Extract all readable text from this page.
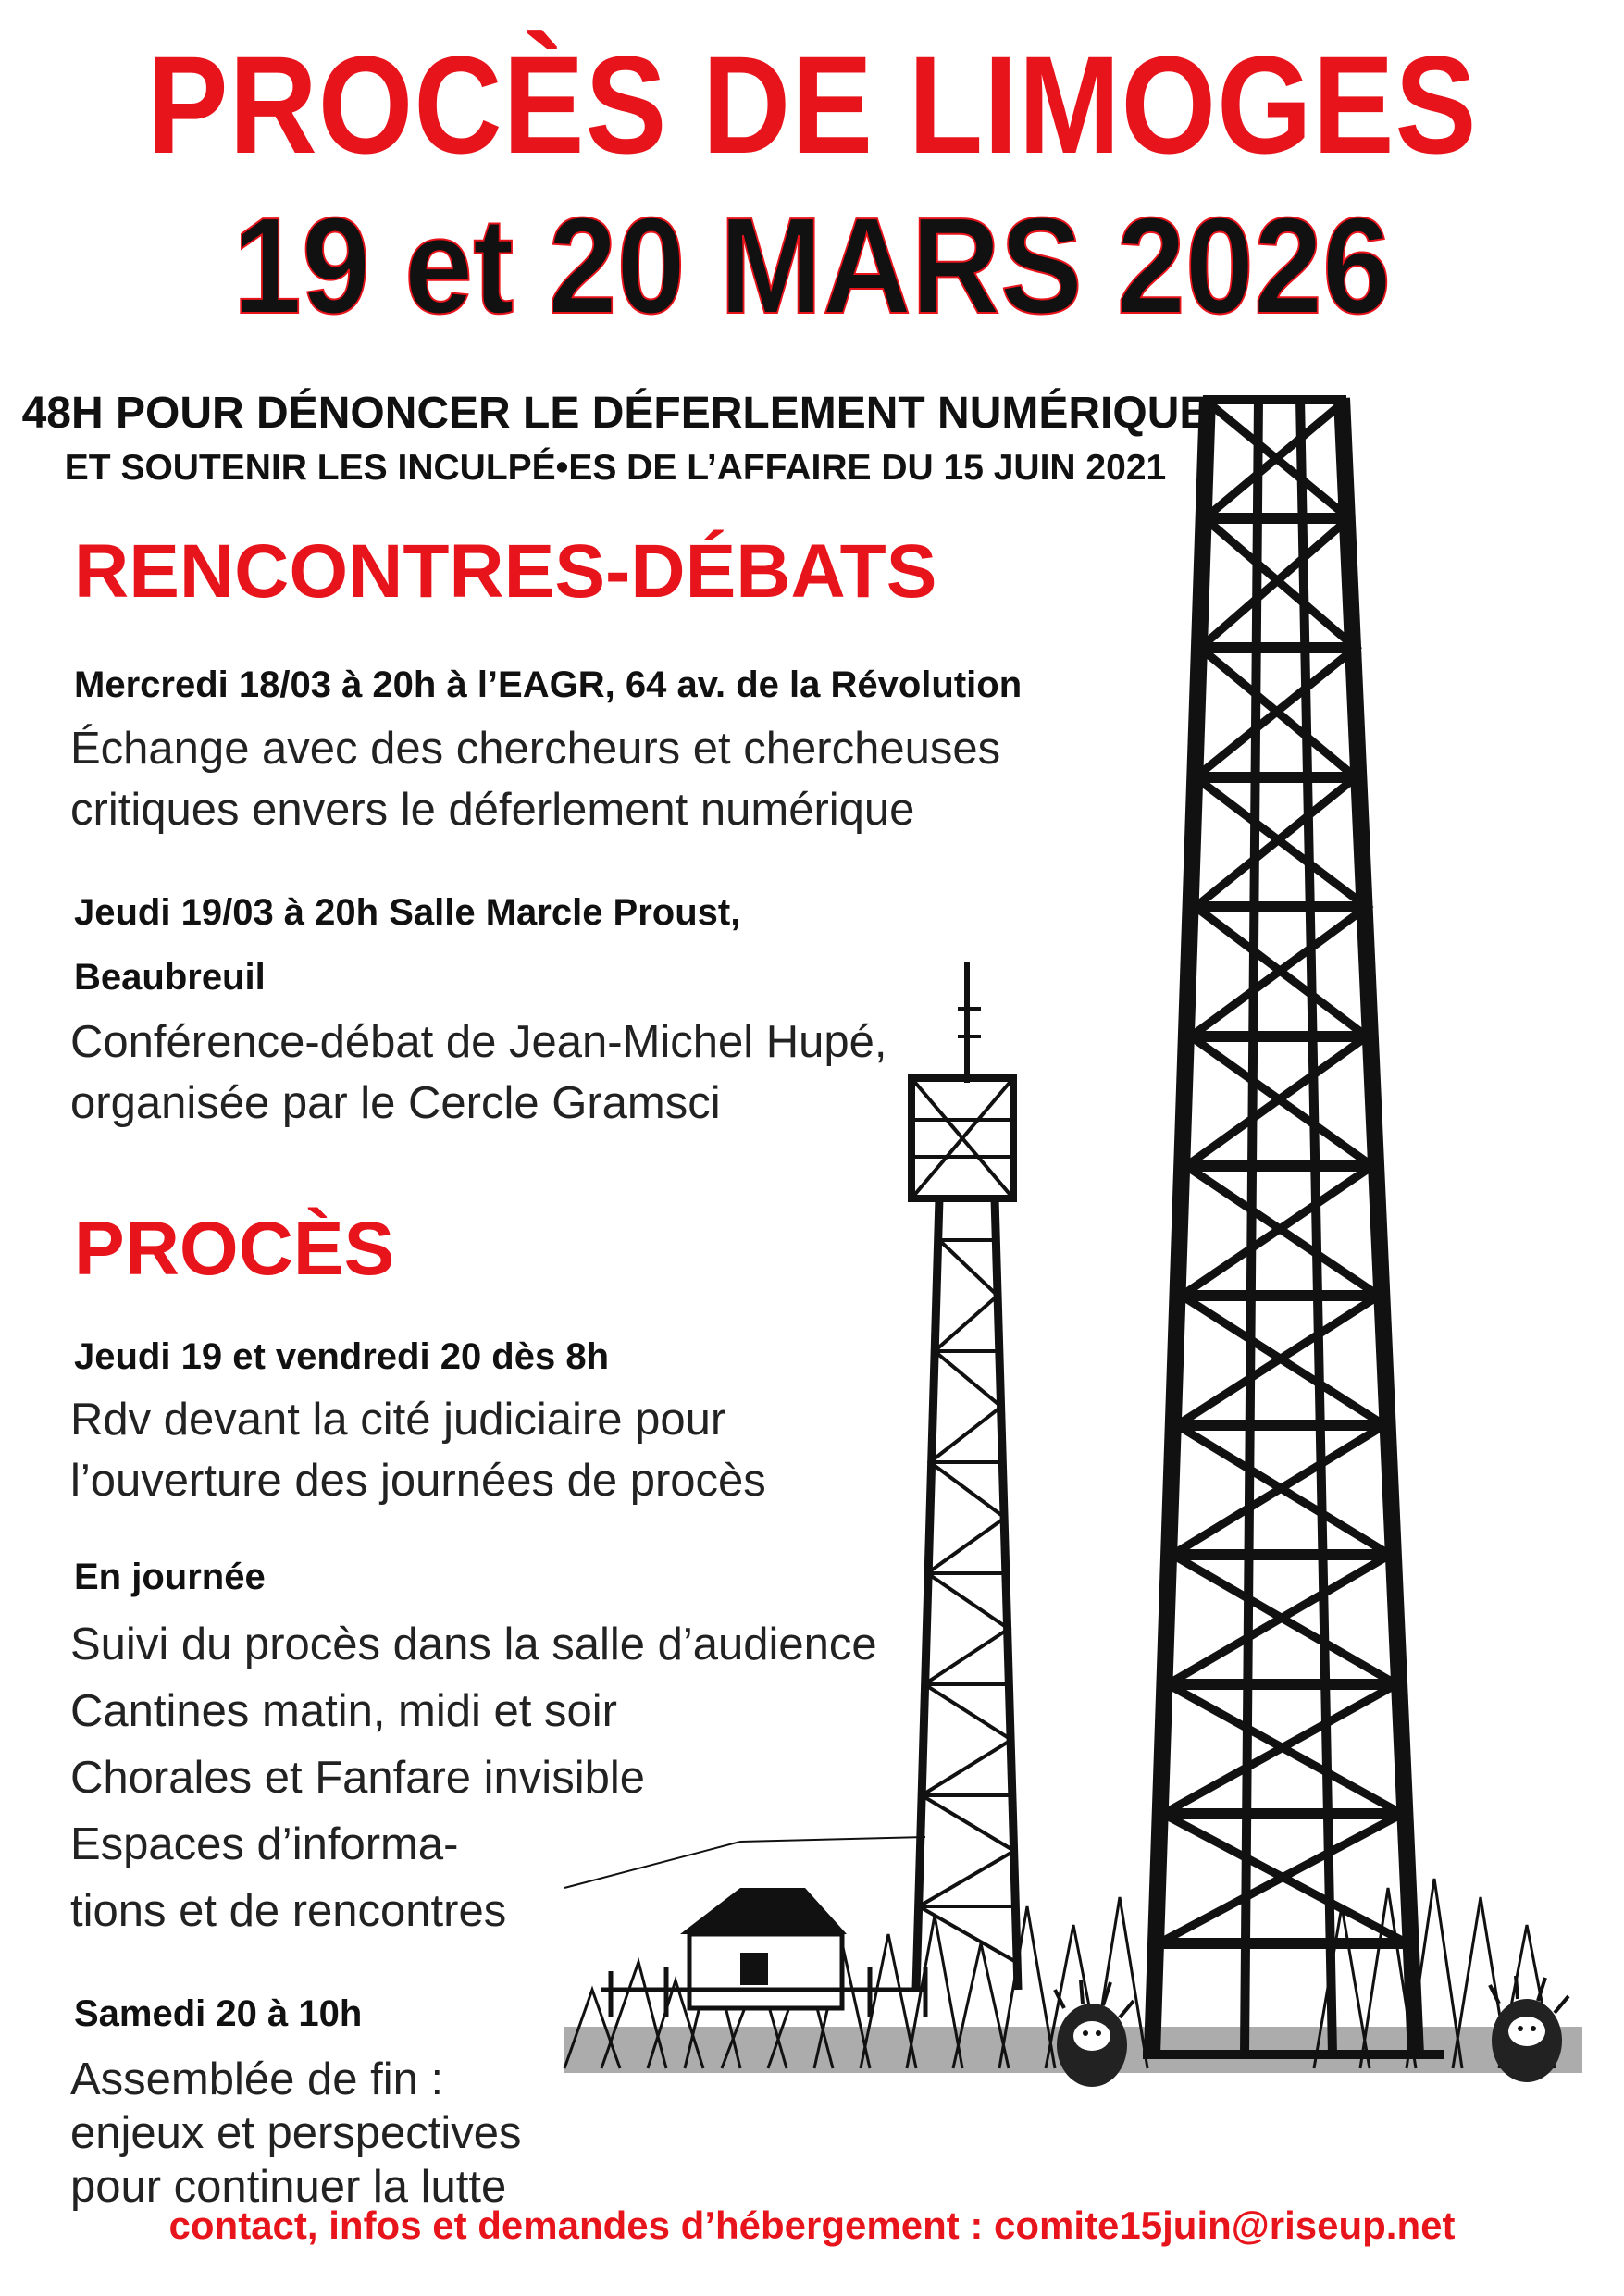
PROCÈS DE LIMOGES
19 et 20 MARS 2026
48H POUR DÉNONCER LE DÉFERLEMENT NUMÉRIQUE
ET SOUTENIR LES INCULPÉ•ES DE L’AFFAIRE DU 15 JUIN 2021
RENCONTRES-DÉBATS
Mercredi 18/03 à 20h à l’EAGR, 64 av. de la Révolution
Échange avec des chercheurs et chercheuses
critiques envers le déferlement numérique
Jeudi 19/03 à 20h Salle Marcle Proust,
Beaubreuil
Conférence-débat de Jean-Michel Hupé,
organisée par le Cercle Gramsci
PROCÈS
Jeudi 19 et vendredi 20 dès 8h
Rdv devant la cité judiciaire pour
l’ouverture des journées de procès
En journée
Suivi du procès dans la salle d’audience
Cantines matin, midi et soir
Chorales et Fanfare invisible
Espaces d’informa-
tions et de rencontres
Samedi 20 à 10h
Assemblée de fin :
enjeux et perspectives
pour continuer la lutte
contact, infos et demandes d’hébergement : comite15juin@riseup.net
